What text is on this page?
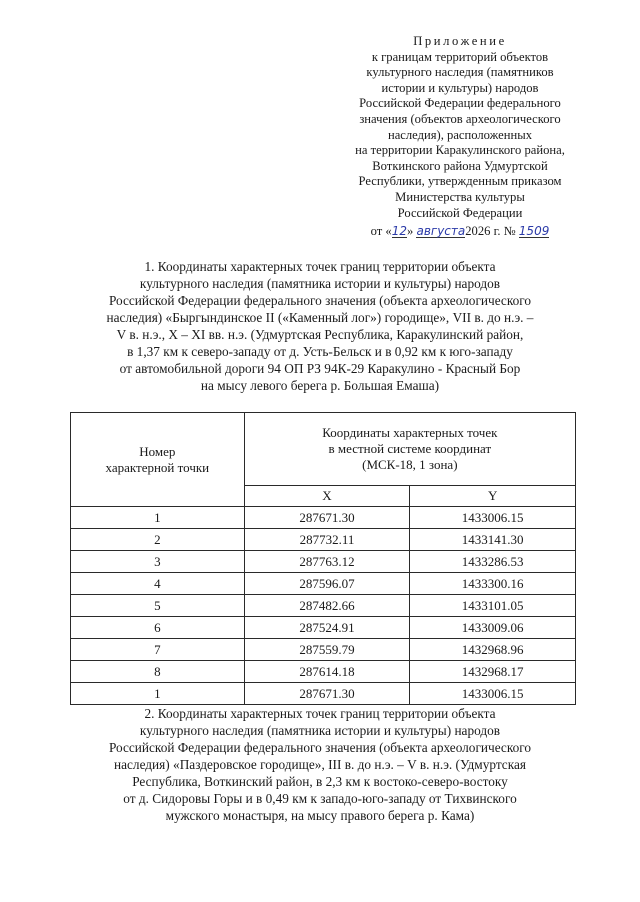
Приложение
к границам территорий объектов
культурного наследия (памятников
истории и культуры) народов
Российской Федерации федерального
значения (объектов археологического
наследия), расположенных
на территории Каракулинского района,
Воткинского района Удмуртской
Республики, утвержденным приказом
Министерства культуры
Российской Федерации
от «12» августа2026 г. № 1509
1. Координаты характерных точек границ территории объекта
культурного наследия (памятника истории и культуры) народов
Российской Федерации федерального значения (объекта археологического
наследия) «Быргындинское II («Каменный лог») городище», VII в. до н.э. –
V в. н.э., X – XI вв. н.э. (Удмуртская Республика, Каракулинский район,
в 1,37 км к северо-западу от д. Усть-Бельск и в 0,92 км к юго-западу
от автомобильной дороги 94 ОП РЗ 94К-29 Каракулино - Красный Бор
на мысу левого берега р. Большая Емаша)
Номер
характерной точки	Координаты характерных точек
в местной системе координат
(МСК-18, 1 зона)	

	X	Y
1	287671.30	1433006.15
2	287732.11	1433141.30
3	287763.12	1433286.53
4	287596.07	1433300.16
5	287482.66	1433101.05
6	287524.91	1433009.06
7	287559.79	1432968.96
8	287614.18	1432968.17
1	287671.30	1433006.15
2. Координаты характерных точек границ территории объекта
культурного наследия (памятника истории и культуры) народов
Российской Федерации федерального значения (объекта археологического
наследия) «Паздеровское городище», III в. до н.э. – V в. н.э. (Удмуртская
Республика, Воткинский район, в 2,3 км к востоко-северо-востоку
от д. Сидоровы Горы и в 0,49 км к западо-юго-западу от Тихвинского
мужского монастыря, на мысу правого берега р. Кама)
